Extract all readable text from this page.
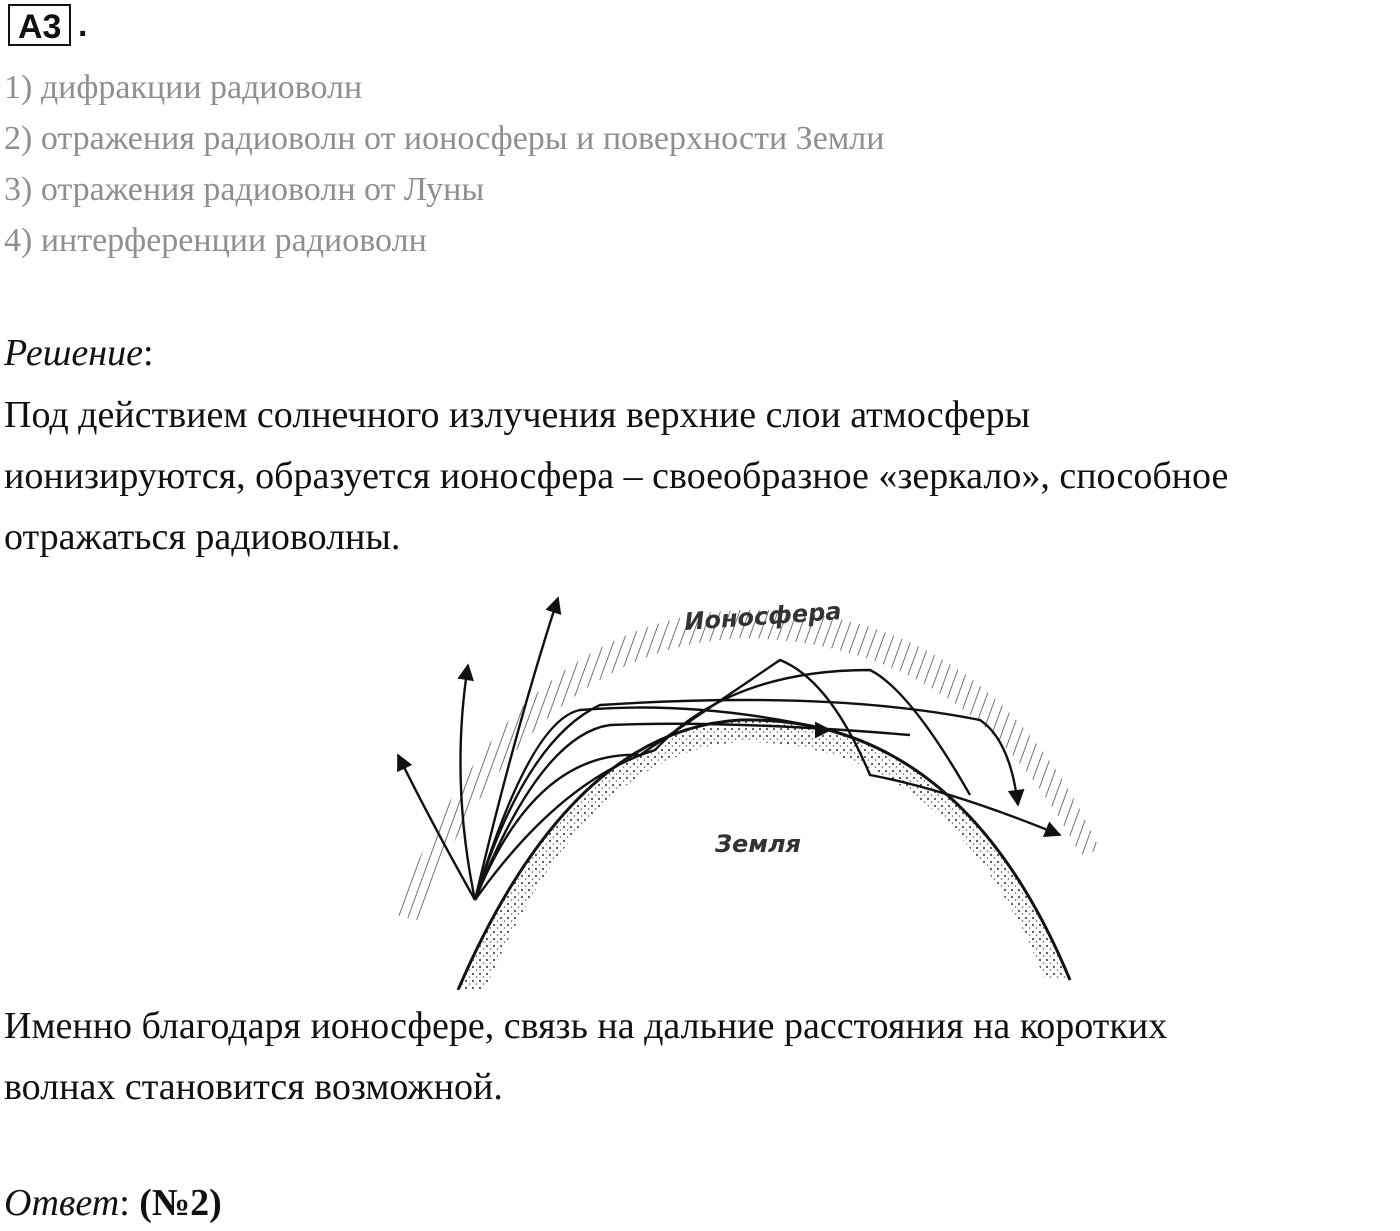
А3 .
1) дифракции радиоволн
2) отражения радиоволн от ионосферы и поверхности Земли
3) отражения радиоволн от Луны
4) интерференции радиоволн
Решение:
Под действием солнечного излучения верхние слои атмосферы
ионизируются, образуется ионосфера – своеобразное «зеркало», способное
отражаться радиоволны.
Ионосфера
Земля
Именно благодаря ионосфере, связь на дальние расстояния на коротких
волнах становится возможной.
Ответ: (№2)
